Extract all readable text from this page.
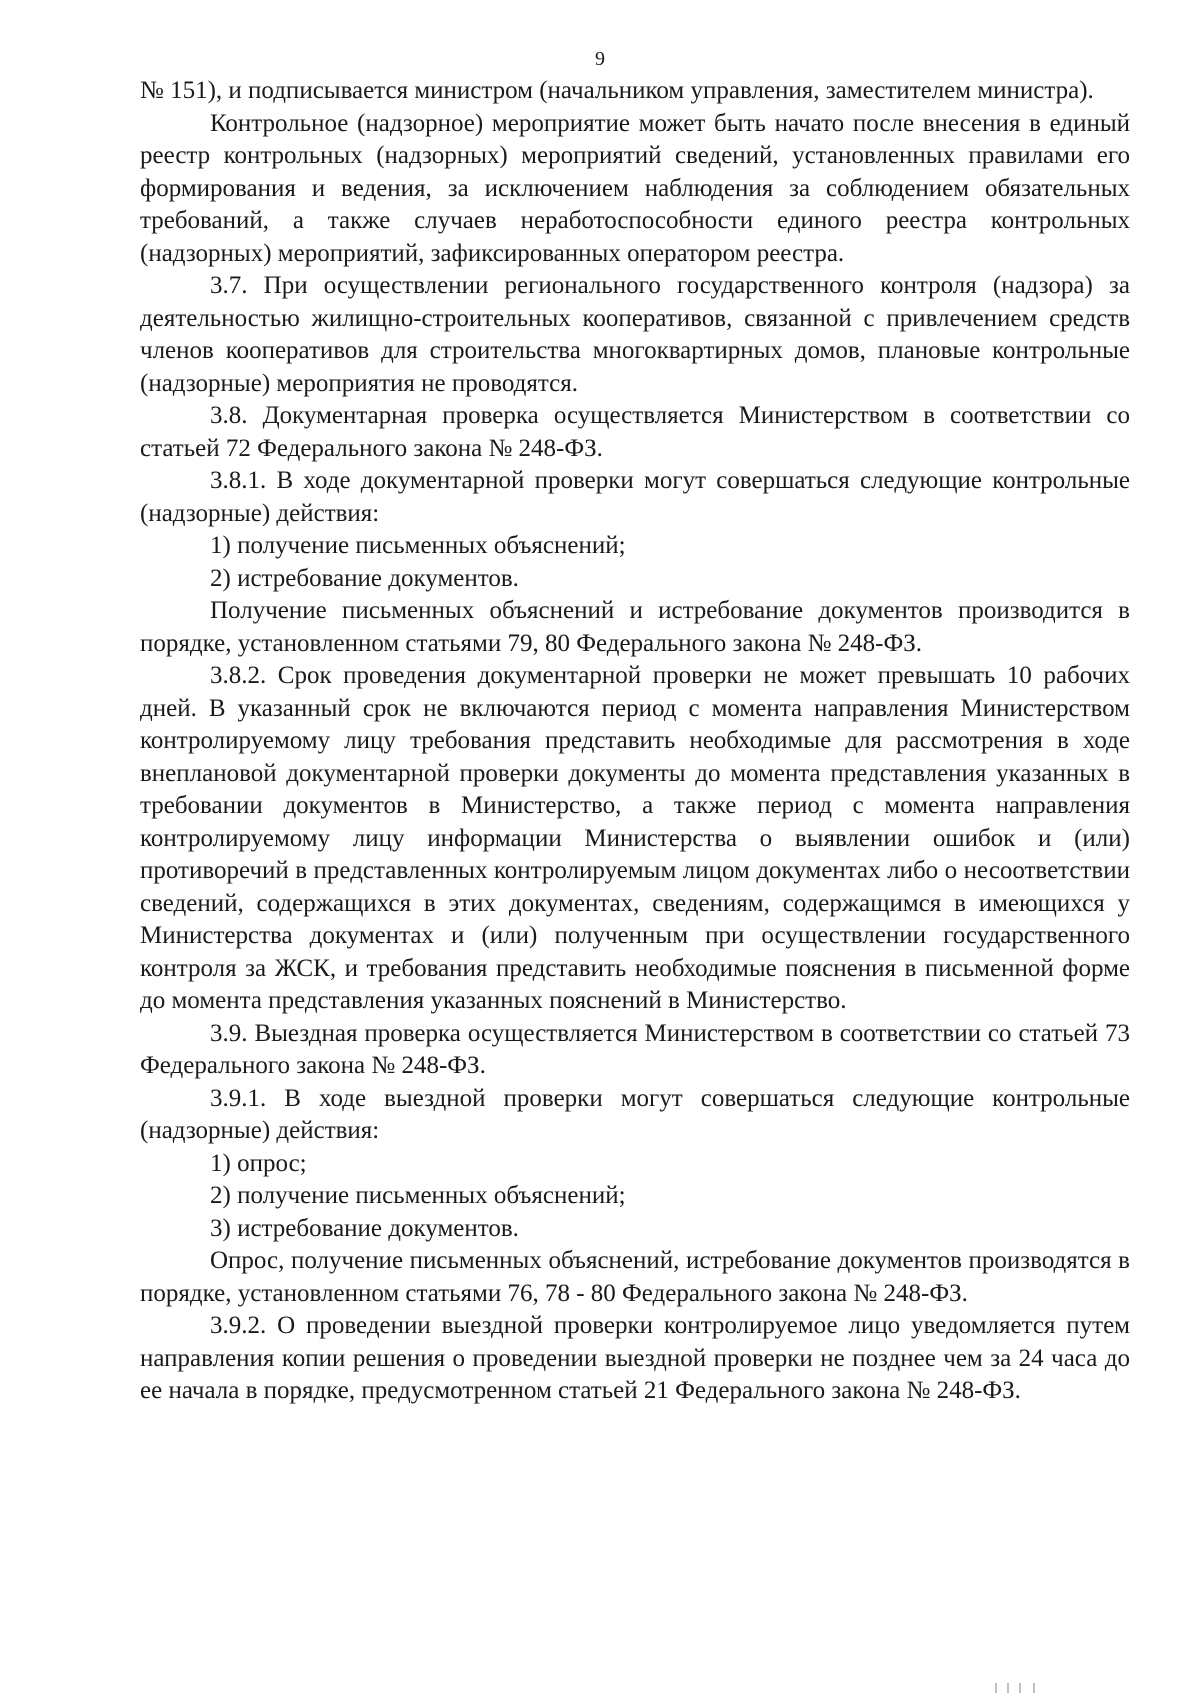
9

№ 151), и подписывается министром (начальником управления, заместителем министра).

Контрольное (надзорное) мероприятие может быть начато после внесения в единый реестр контрольных (надзорных) мероприятий сведений, установленных правилами его формирования и ведения, за исключением наблюдения за соблюдением обязательных требований, а также случаев неработоспособности единого реестра контрольных (надзорных) мероприятий, зафиксированных оператором реестра.

3.7. При осуществлении регионального государственного контроля (надзора) за деятельностью жилищно-строительных кооперативов, связанной с привлечением средств членов кооперативов для строительства многоквартирных домов, плановые контрольные (надзорные) мероприятия не проводятся.

3.8. Документарная проверка осуществляется Министерством в соответствии со статьей 72 Федерального закона № 248-ФЗ.

3.8.1. В ходе документарной проверки могут совершаться следующие контрольные (надзорные) действия:

1) получение письменных объяснений;

2) истребование документов.

Получение письменных объяснений и истребование документов производится в порядке, установленном статьями 79, 80 Федерального закона № 248-ФЗ.

3.8.2. Срок проведения документарной проверки не может превышать 10 рабочих дней. В указанный срок не включаются период с момента направления Министерством контролируемому лицу требования представить необходимые для рассмотрения в ходе внеплановой документарной проверки документы до момента представления указанных в требовании документов в Министерство, а также период с момента направления контролируемому лицу информации Министерства о выявлении ошибок и (или) противоречий в представленных контролируемым лицом документах либо о несоответствии сведений, содержащихся в этих документах, сведениям, содержащимся в имеющихся у Министерства документах и (или) полученным при осуществлении государственного контроля за ЖСК, и требования представить необходимые пояснения в письменной форме до момента представления указанных пояснений в Министерство.

3.9. Выездная проверка осуществляется Министерством в соответствии со статьей 73 Федерального закона № 248-ФЗ.

3.9.1. В ходе выездной проверки могут совершаться следующие контрольные (надзорные) действия:

1) опрос;

2) получение письменных объяснений;

3) истребование документов.

Опрос, получение письменных объяснений, истребование документов производятся в порядке, установленном статьями 76, 78 - 80 Федерального закона № 248-ФЗ.

3.9.2. О проведении выездной проверки контролируемое лицо уведомляется путем направления копии решения о проведении выездной проверки не позднее чем за 24 часа до ее начала в порядке, предусмотренном статьей 21 Федерального закона № 248-ФЗ.
